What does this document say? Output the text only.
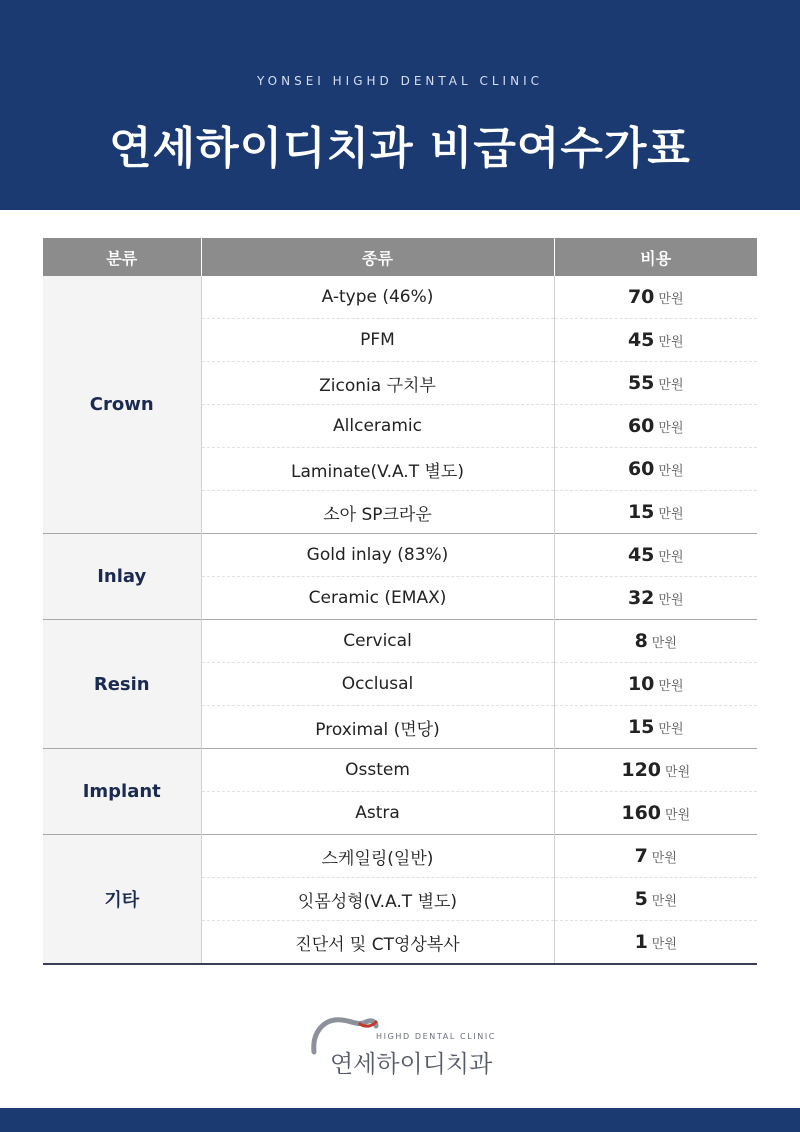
YONSEI HIGHD DENTAL CLINIC
연세하이디치과 비급여수가표
분류	종류	비용
Crown	A-type (46%)	70 만원
	PFM	45 만원
	Ziconia 구치부	55 만원
	Allceramic	60 만원
	Laminate(V.A.T 별도)	60 만원
	소아 SP크라운	15 만원
Inlay	Gold inlay (83%)	45 만원
	Ceramic (EMAX)	32 만원
Resin	Cervical	8 만원
	Occlusal	10 만원
	Proximal (면당)	15 만원
Implant	Osstem	120 만원
	Astra	160 만원
기타	스케일링(일반)	7 만원
	잇몸성형(V.A.T 별도)	5 만원
	진단서 및 CT영상복사	1 만원
HIGHD DENTAL CLINIC
연세하이디치과
